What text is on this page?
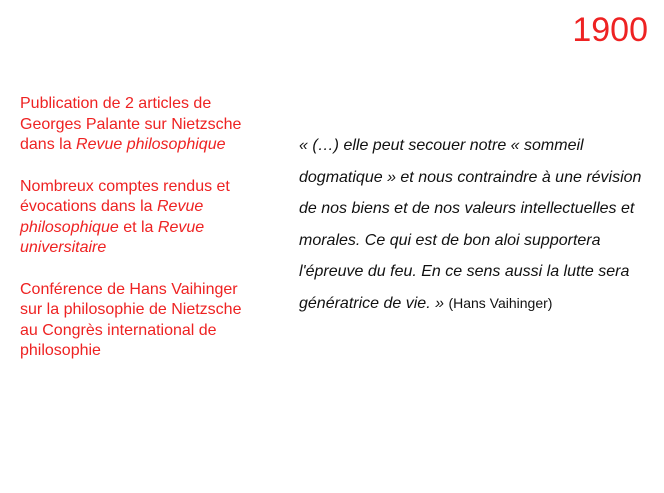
1900

Publication de 2 articles de Georges Palante sur Nietzsche dans la Revue philosophique

Nombreux comptes rendus et évocations dans la Revue philosophique et la Revue universitaire

Conférence de Hans Vaihinger sur la philosophie de Nietzsche au Congrès international de philosophie

« (…) elle peut secouer notre « sommeil dogmatique » et nous contraindre à une révision de nos biens et de nos valeurs intellectuelles et morales. Ce qui est de bon aloi supportera l'épreuve du feu. En ce sens aussi la lutte sera génératrice de vie. » (Hans Vaihinger)
